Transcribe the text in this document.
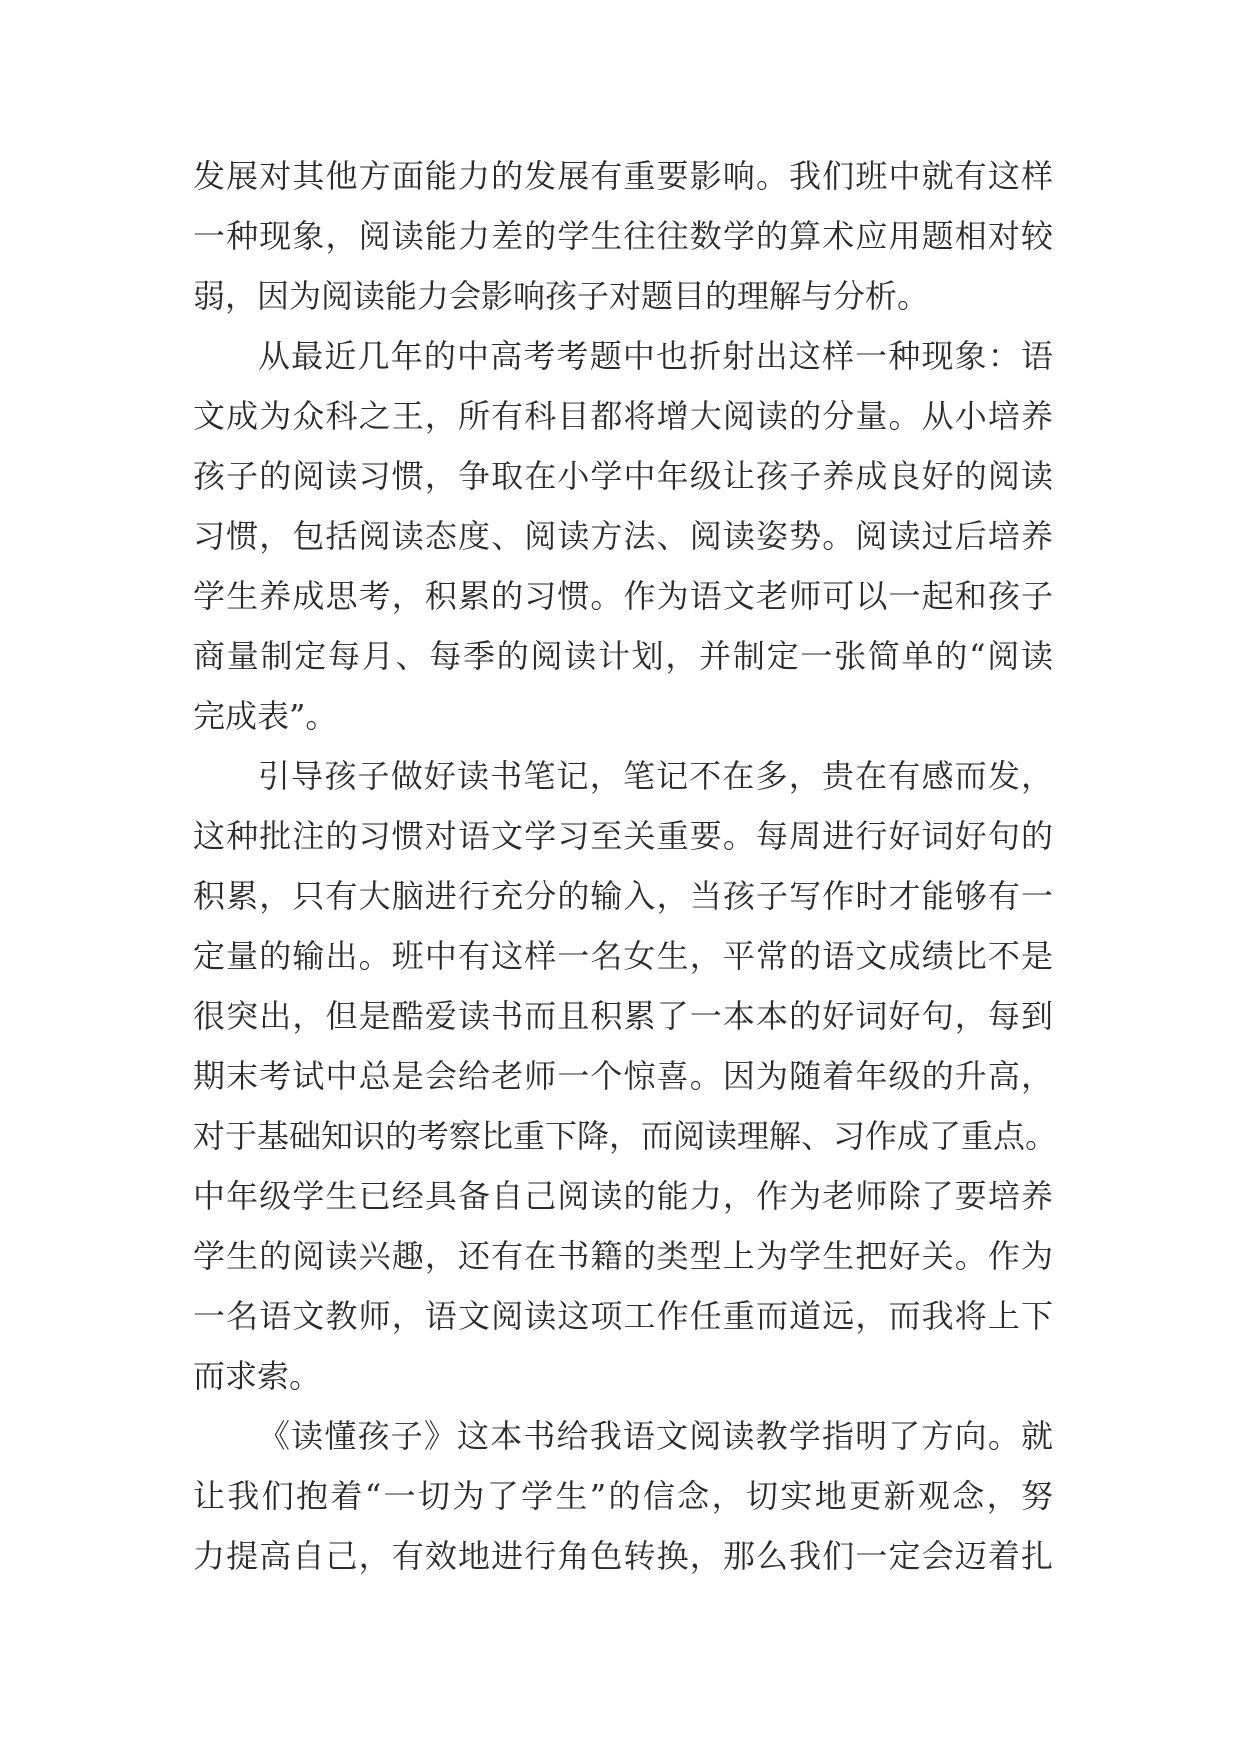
发展对其他方面能力的发展有重要影响。我们班中就有这样
一种现象，阅读能力差的学生往往数学的算术应用题相对较
弱，因为阅读能力会影响孩子对题目的理解与分析。
从最近几年的中高考考题中也折射出这样一种现象：语
文成为众科之王，所有科目都将增大阅读的分量。从小培养
孩子的阅读习惯，争取在小学中年级让孩子养成良好的阅读
习惯，包括阅读态度、阅读方法、阅读姿势。阅读过后培养
学生养成思考，积累的习惯。作为语文老师可以一起和孩子
商量制定每月、每季的阅读计划，并制定一张简单的“阅读
完成表”。
引导孩子做好读书笔记，笔记不在多，贵在有感而发，
这种批注的习惯对语文学习至关重要。每周进行好词好句的
积累，只有大脑进行充分的输入，当孩子写作时才能够有一
定量的输出。班中有这样一名女生，平常的语文成绩比不是
很突出，但是酷爱读书而且积累了一本本的好词好句，每到
期末考试中总是会给老师一个惊喜。因为随着年级的升高，
对于基础知识的考察比重下降，而阅读理解、习作成了重点。
中年级学生已经具备自己阅读的能力，作为老师除了要培养
学生的阅读兴趣，还有在书籍的类型上为学生把好关。作为
一名语文教师，语文阅读这项工作任重而道远，而我将上下
而求索。
《读懂孩子》这本书给我语文阅读教学指明了方向。就
让我们抱着“一切为了学生”的信念，切实地更新观念，努
力提高自己，有效地进行角色转换，那么我们一定会迈着扎
